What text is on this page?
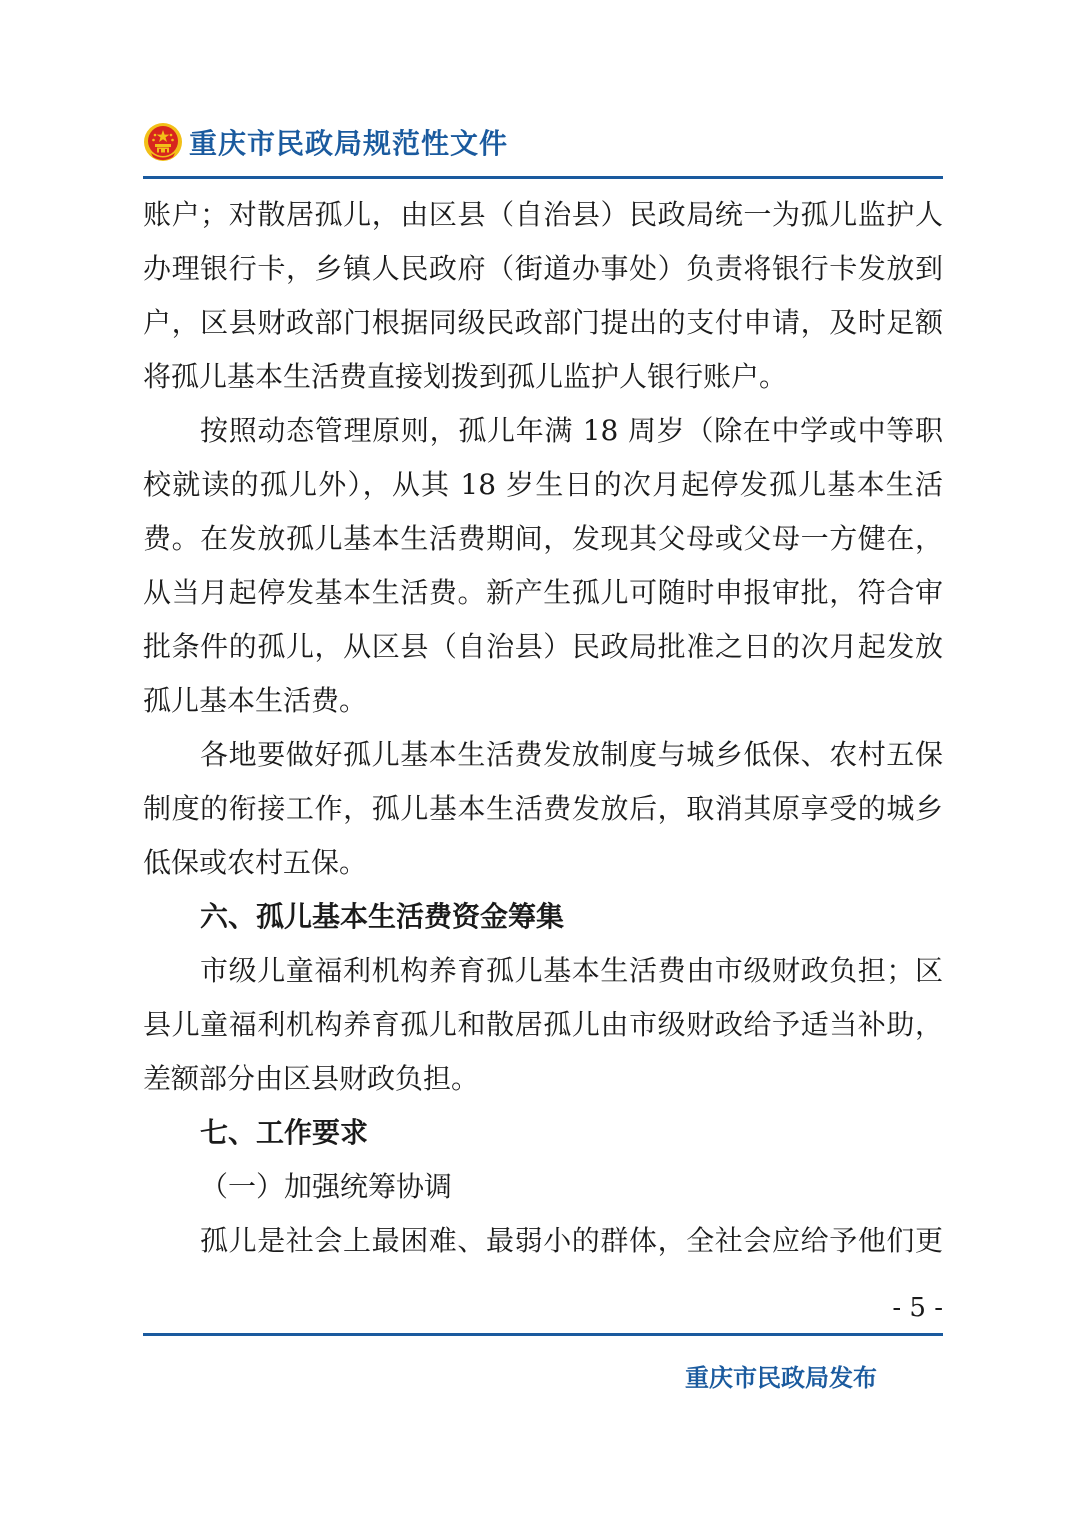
重庆市民政局规范性文件
账户；对散居孤儿，由区县（自治县）民政局统一为孤儿监护人
办理银行卡，乡镇人民政府（街道办事处）负责将银行卡发放到
户，区县财政部门根据同级民政部门提出的支付申请，及时足额
将孤儿基本生活费直接划拨到孤儿监护人银行账户。
按照动态管理原则，孤儿年满 18 周岁（除在中学或中等职
校就读的孤儿外），从其 18 岁生日的次月起停发孤儿基本生活
费。在发放孤儿基本生活费期间，发现其父母或父母一方健在，
从当月起停发基本生活费。新产生孤儿可随时申报审批，符合审
批条件的孤儿，从区县（自治县）民政局批准之日的次月起发放
孤儿基本生活费。
各地要做好孤儿基本生活费发放制度与城乡低保、农村五保
制度的衔接工作，孤儿基本生活费发放后，取消其原享受的城乡
低保或农村五保。
六、孤儿基本生活费资金筹集
市级儿童福利机构养育孤儿基本生活费由市级财政负担；区
县儿童福利机构养育孤儿和散居孤儿由市级财政给予适当补助，
差额部分由区县财政负担。
七、工作要求
（一）加强统筹协调
孤儿是社会上最困难、最弱小的群体，全社会应给予他们更
- 5 -
重庆市民政局发布
